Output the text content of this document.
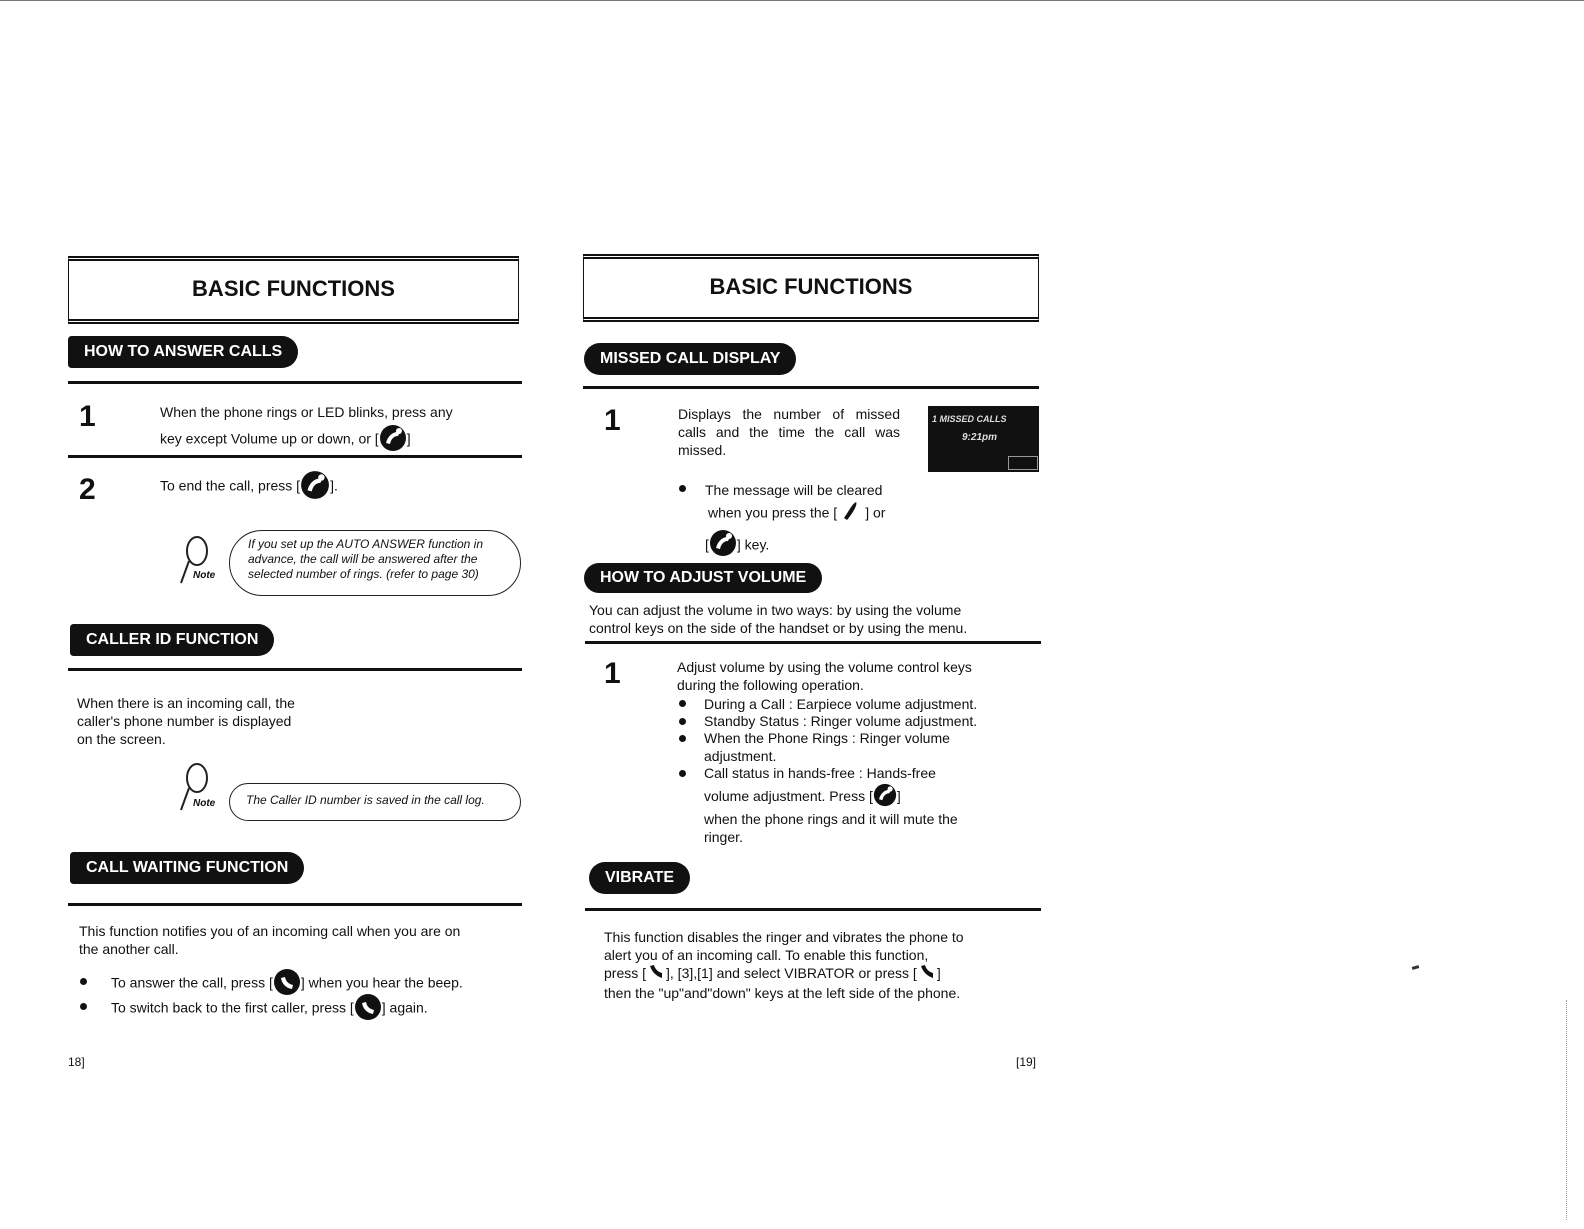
BASIC FUNCTIONS
HOW TO ANSWER CALLS
1	When the phone rings or LED blinks, press any
key except Volume up or down, or [ ]
2	To end the call, press [ ].
Note
If you set up the AUTO ANSWER function in
advance, the call will be answered after the
selected number of rings. (refer to page 30)
CALLER ID FUNCTION
When there is an incoming call, the
caller's phone number is displayed
on the screen.
Note	The Caller ID number is saved in the call log.
CALL WAITING FUNCTION
This function notifies you of an incoming call when you are on
the another call.
To answer the call, press [ ] when you hear the beep.
To switch back to the first caller, press [ ] again.
18]
BASIC FUNCTIONS
MISSED CALL DISPLAY
1	Displays the number of missed
calls and the time the call was
missed.
1 MISSED CALLS
9:21pm
The message will be cleared
when you press the [ ] or
[ ] key.
HOW TO ADJUST VOLUME
You can adjust the volume in two ways: by using the volume
control keys on the side of the handset or by using the menu.
1	Adjust volume by using the volume control keys
during the following operation.
During a Call : Earpiece volume adjustment.
Standby Status : Ringer volume adjustment.
When the Phone Rings : Ringer volume
adjustment.
Call status in hands-free : Hands-free
volume adjustment. Press [ ]
when the phone rings and it will mute the
ringer.
VIBRATE
This function disables the ringer and vibrates the phone to
alert you of an incoming call. To enable this function,
press [ ], [3],[1] and select VIBRATOR or press [ ]
then the "up"and"down" keys at the left side of the phone.
[19]
